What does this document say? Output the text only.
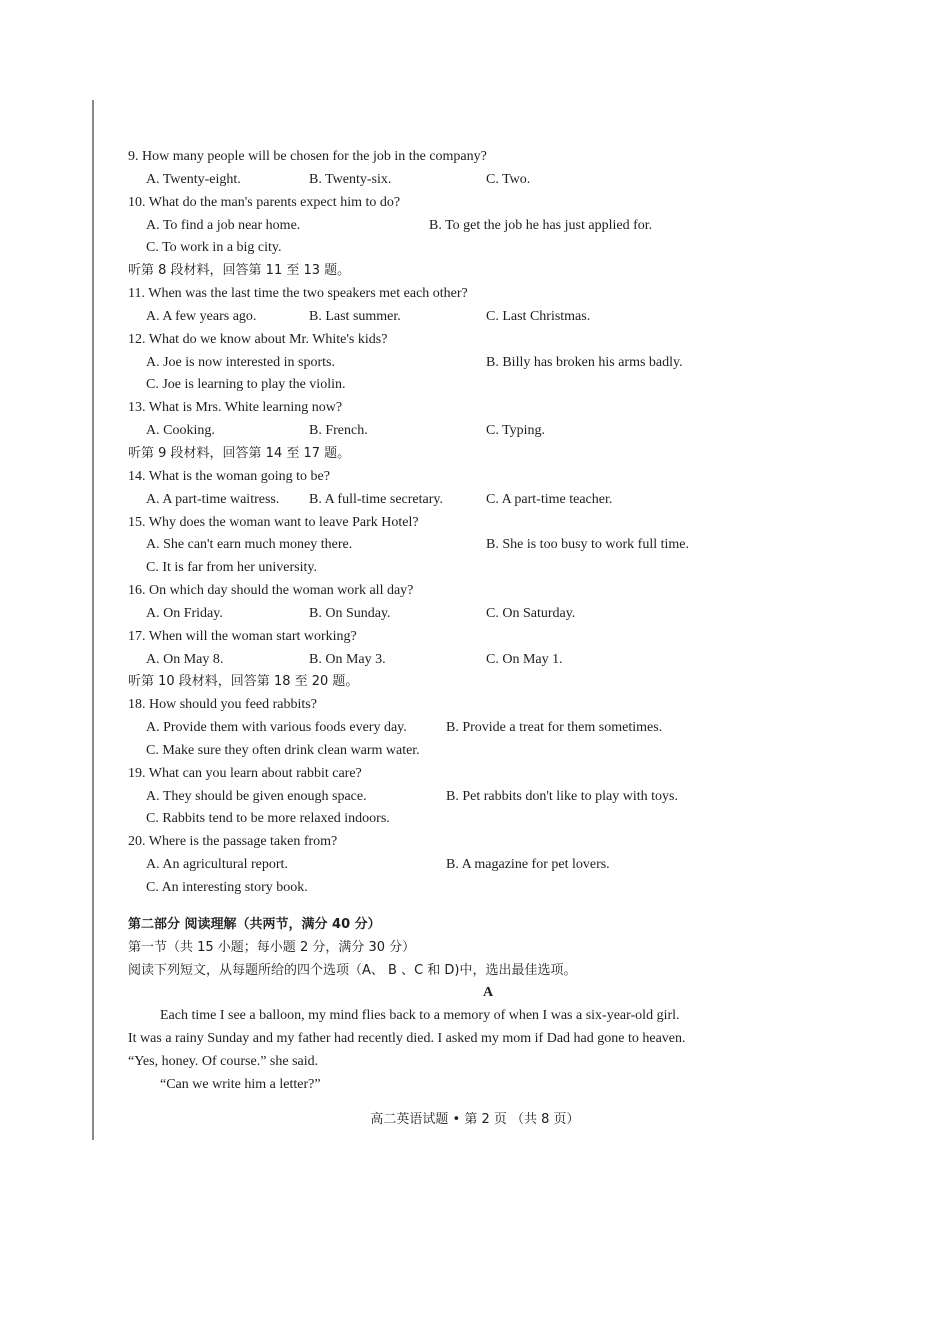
9. How many people will be chosen for the job in the company?
A. Twenty-eight.	B. Twenty-six.	C. Two.
10. What do the man's parents expect him to do?
A. To find a job near home.	B. To get the job he has just applied for.
C. To work in a big city.
听第 8 段材料，回答第 11 至 13 题。
11. When was the last time the two speakers met each other?
A. A few years ago.	B. Last summer.	C. Last Christmas.
12. What do we know about Mr. White's kids?
A. Joe is now interested in sports.	B. Billy has broken his arms badly.
C. Joe is learning to play the violin.
13. What is Mrs. White learning now?
A. Cooking.	B. French.	C. Typing.
听第 9 段材料，回答第 14 至 17 题。
14. What is the woman going to be?
A. A part-time waitress. B. A full-time secretary.	C. A part-time teacher.
15. Why does the woman want to leave Park Hotel?
A. She can't earn much money there.	B. She is too busy to work full time.
C. It is far from her university.
16. On which day should the woman work all day?
A. On Friday.	B. On Sunday.	C. On Saturday.
17. When will the woman start working?
A. On May 8.	B. On May 3.	C. On May 1.
听第 10 段材料，回答第 18 至 20 题。
18. How should you feed rabbits?
A. Provide them with various foods every day.	B. Provide a treat for them sometimes.
C. Make sure they often drink clean warm water.
19. What can you learn about rabbit care?
A. They should be given enough space.	B. Pet rabbits don't like to play with toys.
C. Rabbits tend to be more relaxed indoors.
20. Where is the passage taken from?
A. An agricultural report.	B. A magazine for pet lovers.
C. An interesting story book.
第二部分 阅读理解（共两节，满分 40 分）
第一节（共 15 小题；每小题 2 分，满分 30 分）
阅读下列短文，从每题所给的四个选项（A、 B 、C 和 D)中，选出最佳选项。
A
Each time I see a balloon, my mind flies back to a memory of when I was a six-year-old girl.
It was a rainy Sunday and my father had recently died. I asked my mom if Dad had gone to heaven.
“Yes, honey. Of course.” she said.
“Can we write him a letter?”
高二英语试题 • 第 2 页 （共 8 页）
